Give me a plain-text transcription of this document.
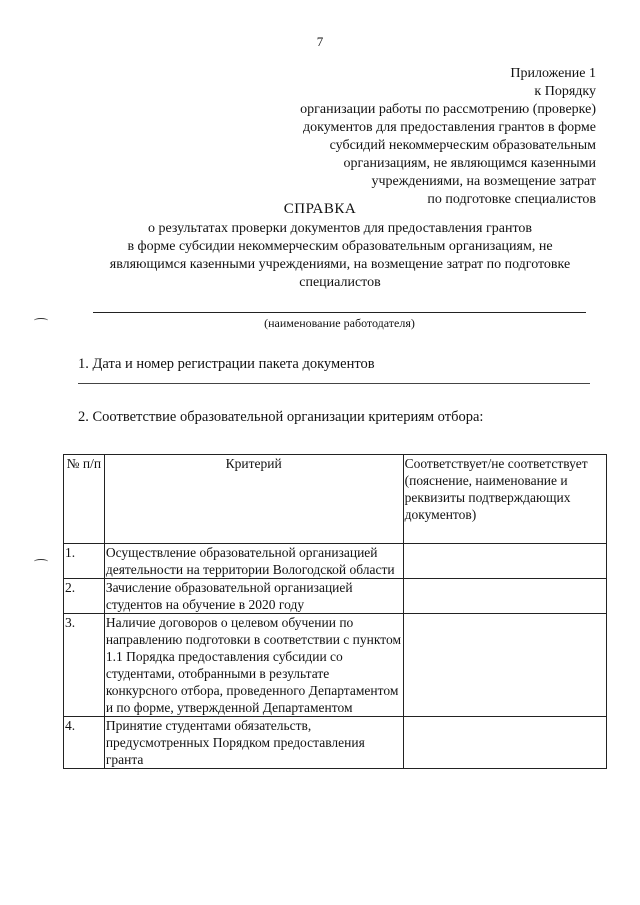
7
Приложение 1
к Порядку
организации работы по рассмотрению (проверке)
документов для предоставления грантов в форме
субсидий некоммерческим образовательным
организациям, не являющимся казенными
учреждениями, на возмещение затрат
по подготовке специалистов
СПРАВКА
о результатах проверки документов для предоставления грантов
в форме субсидии некоммерческим образовательным организациям, не
являющимся казенными учреждениями, на возмещение затрат по подготовке
специалистов
(наименование работодателя)
1. Дата и номер регистрации пакета документов
2. Соответствие образовательной организации критериям отбора:
№ п/п	Критерий	Соответствует/не соответствует (пояснение, наименование и реквизиты подтверждающих документов)
1.	Осуществление образовательной организацией деятельности на территории Вологодской области	
2.	Зачисление образовательной организацией студентов на обучение в 2020 году	
3.	Наличие договоров о целевом обучении по направлению подготовки в соответствии с пунктом 1.1 Порядка предоставления субсидии со студентами, отобранными в результате конкурсного отбора, проведенного Департаментом и по форме, утвержденной Департаментом	
4.	Принятие студентами обязательств, предусмотренных Порядком предоставления гранта	
